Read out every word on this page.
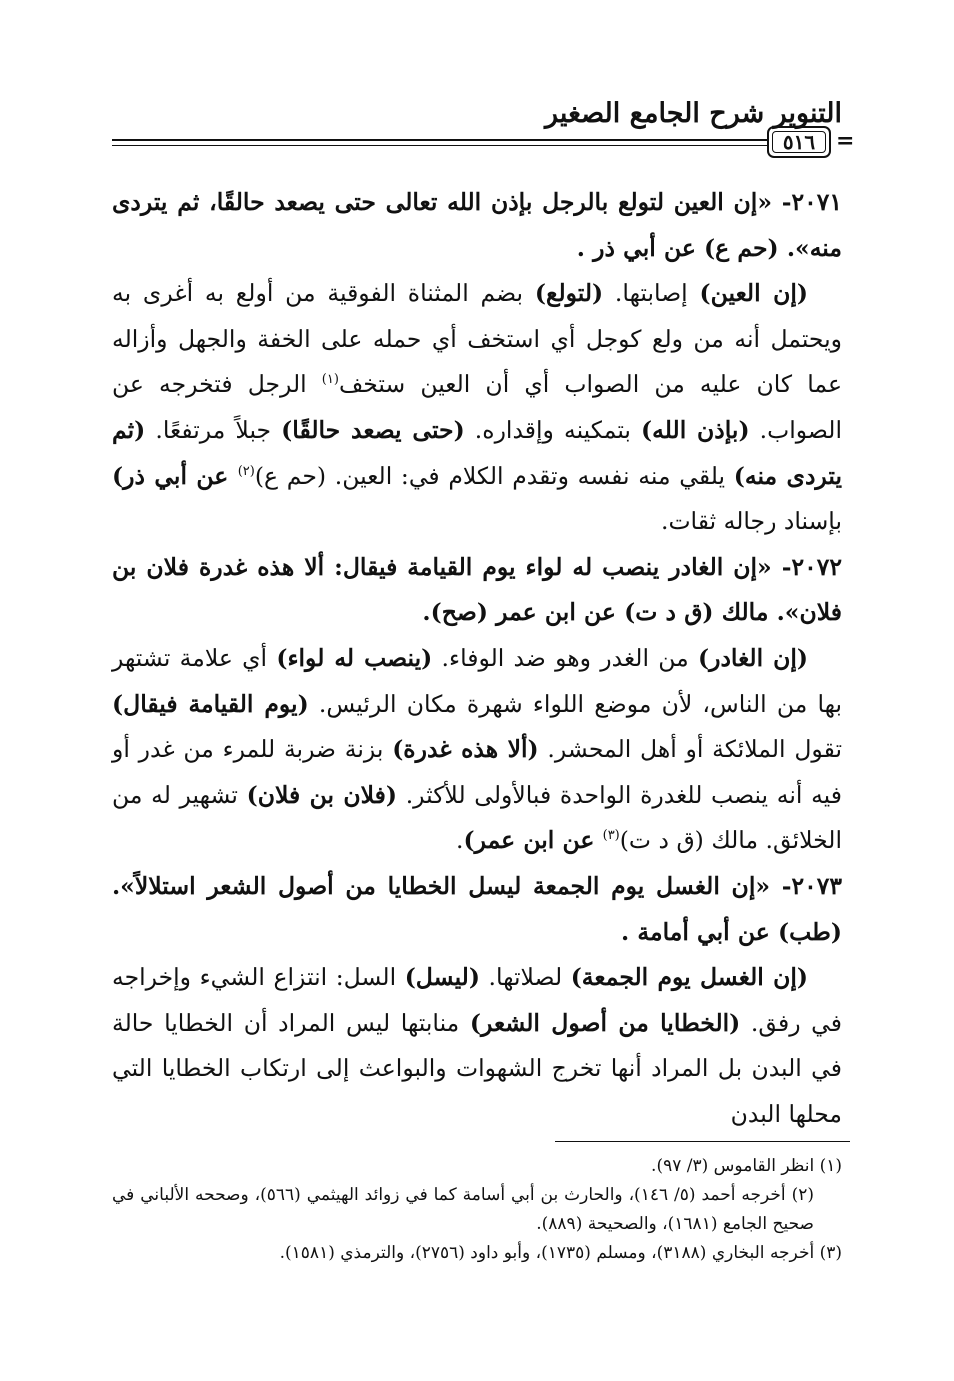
التنوير شرح الجامع الصغير
٥١٦ =

٢٠٧١- «إن العين لتولع بالرجل بإذن الله تعالى حتى يصعد حالقًا، ثم يتردى منه». (حم ع) عن أبي ذر .

(إن العين) إصابتها. (لتولع) بضم المثناة الفوقية من أولع به أغرى به ويحتمل أنه من ولع كوجل أي استخف أي حمله على الخفة والجهل وأزاله عما كان عليه من الصواب أي أن العين ستخف$^{(١)}$ الرجل فتخرجه عن الصواب. (بإذن الله) بتمكينه وإقداره. (حتى يصعد حالقًا) جبلاً مرتفعًا. (ثم يتردى منه) يلقي منه نفسه وتقدم الكلام في: العين. (حم ع)$^{(٢)}$ عن أبي ذر) بإسناد رجاله ثقات.

٢٠٧٢- «إن الغادر ينصب له لواء يوم القيامة فيقال: ألا هذه غدرة فلان بن فلان». مالك (ق د ت) عن ابن عمر (صح).

(إن الغادر) من الغدر وهو ضد الوفاء. (ينصب له لواء) أي علامة تشتهر بها من الناس، لأن موضع اللواء شهرة مكان الرئيس. (يوم القيامة فيقال) تقول الملائكة أو أهل المحشر. (ألا هذه غدرة) بزنة ضربة للمرء من غدر أو فيه أنه ينصب للغدرة الواحدة فبالأولى للأكثر. (فلان بن فلان) تشهير له من الخلائق. مالك (ق د ت)$^{(٣)}$ عن ابن عمر).

٢٠٧٣- «إن الغسل يوم الجمعة ليسل الخطايا من أصول الشعر استلالاً». (طب) عن أبي أمامة .

(إن الغسل يوم الجمعة) لصلاتها. (ليسل) السل: انتزاع الشيء وإخراجه في رفق. (الخطايا من أصول الشعر) منابتها ليس المراد أن الخطايا حالة في البدن بل المراد أنها تخرج الشهوات والبواعث إلى ارتكاب الخطايا التي محلها البدن

(١) انظر القاموس (٣/ ٩٧).

(٢) أخرجه أحمد (٥/ ١٤٦)، والحارث بن أبي أسامة كما في زوائد الهيثمي (٥٦٦)، وصححه الألباني في صحيح الجامع (١٦٨١)، والصحيحة (٨٨٩).

(٣) أخرجه البخاري (٣١٨٨)، ومسلم (١٧٣٥)، وأبو داود (٢٧٥٦)، والترمذي (١٥٨١).
